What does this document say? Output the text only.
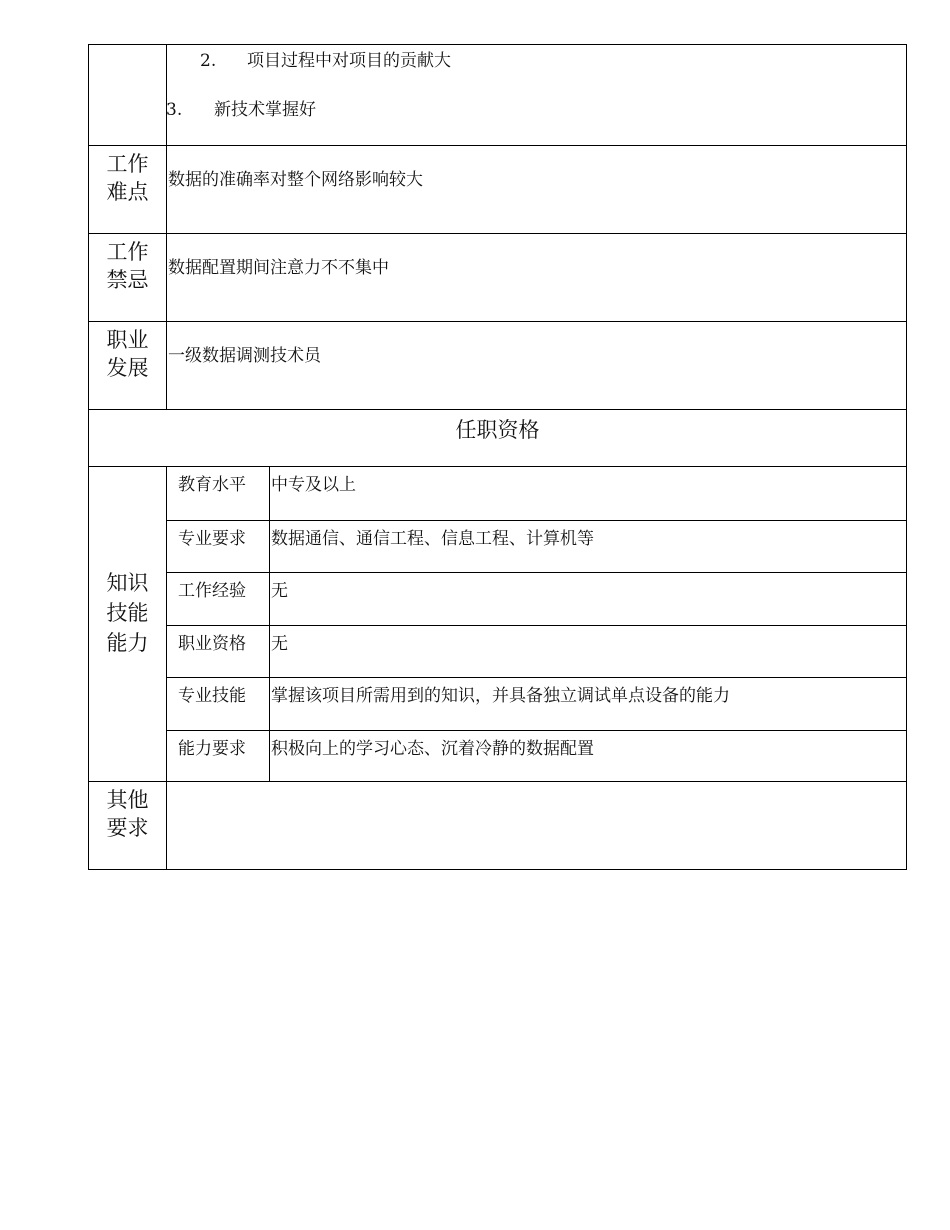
2. 项目过程中对项目的贡献大
3. 新技术掌握好
工作
难点	数据的准确率对整个网络影响较大
工作
禁忌	数据配置期间注意力不不集中
职业
发展	一级数据调测技术员
任职资格
知识
技能
能力
教育水平	中专及以上
专业要求	数据通信、通信工程、信息工程、计算机等
工作经验	无
职业资格	无
专业技能	掌握该项目所需用到的知识，并具备独立调试单点设备的能力
能力要求	积极向上的学习心态、沉着冷静的数据配置
其他
要求
